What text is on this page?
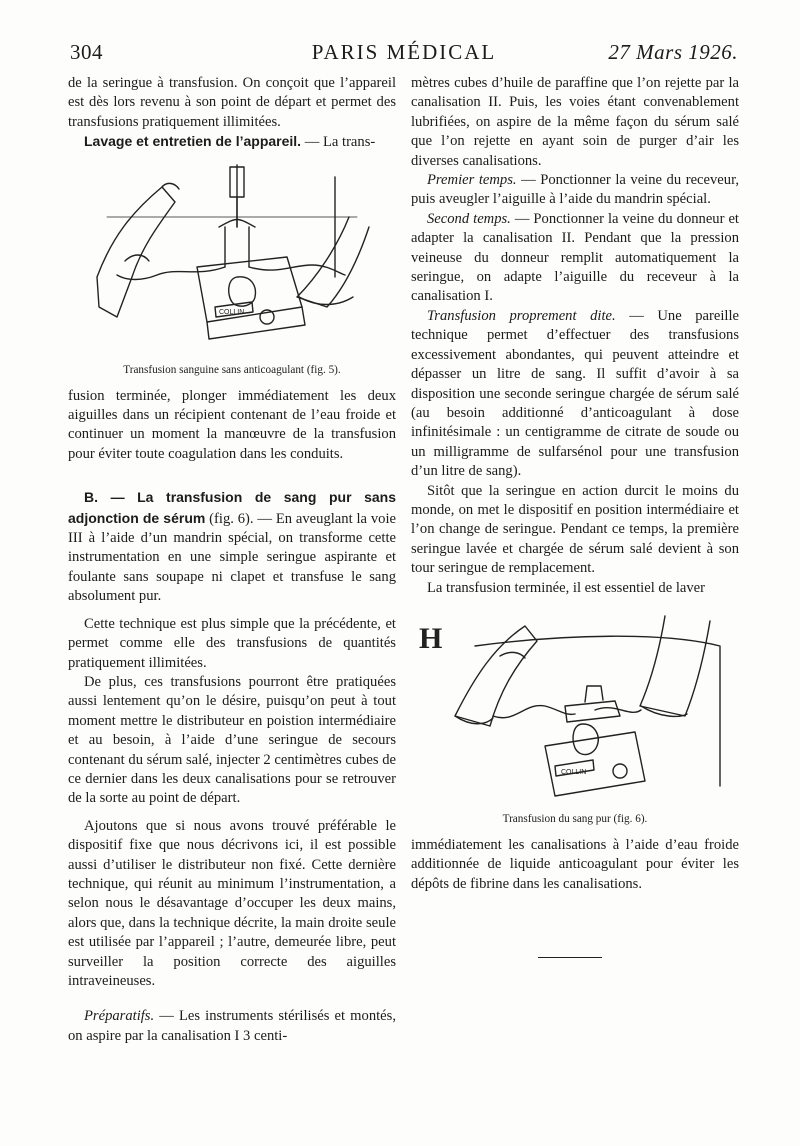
304	PARIS MÉDICAL	27 Mars 1926.

de la seringue à transfusion. On conçoit que l’appareil est dès lors revenu à son point de départ et permet des transfusions pratiquement illimitées.

Lavage et entretien de l’appareil. — La trans-

COLLIN
Transfusion sanguine sans anticoagulant (fig. 5).

fusion terminée, plonger immédiatement les deux aiguilles dans un récipient contenant de l’eau froide et continuer un moment la manœuvre de la transfusion pour éviter toute coagulation dans les conduits.

B. — La transfusion de sang pur sans adjonction de sérum (fig. 6). — En aveuglant la voie III à l’aide d’un mandrin spécial, on transforme cette instrumentation en une simple seringue aspirante et foulante sans soupape ni clapet et transfuse le sang absolument pur.

Cette technique est plus simple que la précédente, et permet comme elle des transfusions de quantités pratiquement illimitées.

De plus, ces transfusions pourront être pratiquées aussi lentement qu’on le désire, puisqu’on peut à tout moment mettre le distributeur en poistion intermédiaire et au besoin, à l’aide d’une seringue de secours contenant du sérum salé, injecter 2 centimètres cubes de ce dernier dans les deux canalisations pour se retrouver de la sorte au point de départ.

Ajoutons que si nous avons trouvé préférable le dispositif fixe que nous décrivons ici, il est possible aussi d’utiliser le distributeur non fixé. Cette dernière technique, qui réunit au minimum l’instrumentation, a selon nous le désavantage d’occuper les deux mains, alors que, dans la technique décrite, la main droite seule est utilisée par l’appareil ; l’autre, demeurée libre, peut surveiller la position correcte des aiguilles intraveineuses.

Préparatifs. — Les instruments stérilisés et montés, on aspire par la canalisation I 3 centi-

mètres cubes d’huile de paraffine que l’on rejette par la canalisation II. Puis, les voies étant convenablement lubrifiées, on aspire de la même façon du sérum salé que l’on rejette en ayant soin de purger d’air les diverses canalisations.

Premier temps. — Ponctionner la veine du receveur, puis aveugler l’aiguille à l’aide du mandrin spécial.

Second temps. — Ponctionner la veine du donneur et adapter la canalisation II. Pendant que la pression veineuse du donneur remplit automatiquement la seringue, on adapte l’aiguille du receveur à la canalisation I.

Transfusion proprement dite. — Une pareille technique permet d’effectuer des transfusions excessivement abondantes, qui peuvent atteindre et dépasser un litre de sang. Il suffit d’avoir à sa disposition une seconde seringue chargée de sérum salé (au besoin additionné d’anticoagulant à dose infinitésimale : un centigramme de citrate de soude ou un milligramme de sulfarsénol pour une transfusion d’un litre de sang).

Sitôt que la seringue en action durcit le moins du monde, on met le dispositif en position intermédiaire et l’on change de seringue. Pendant ce temps, la première seringue lavée et chargée de sérum salé devient à son tour seringue de remplacement.

La transfusion terminée, il est essentiel de laver

H
COLLIN
Transfusion du sang pur (fig. 6).

immédiatement les canalisations à l’aide d’eau froide additionnée de liquide anticoagulant pour éviter les dépôts de fibrine dans les canalisations.
